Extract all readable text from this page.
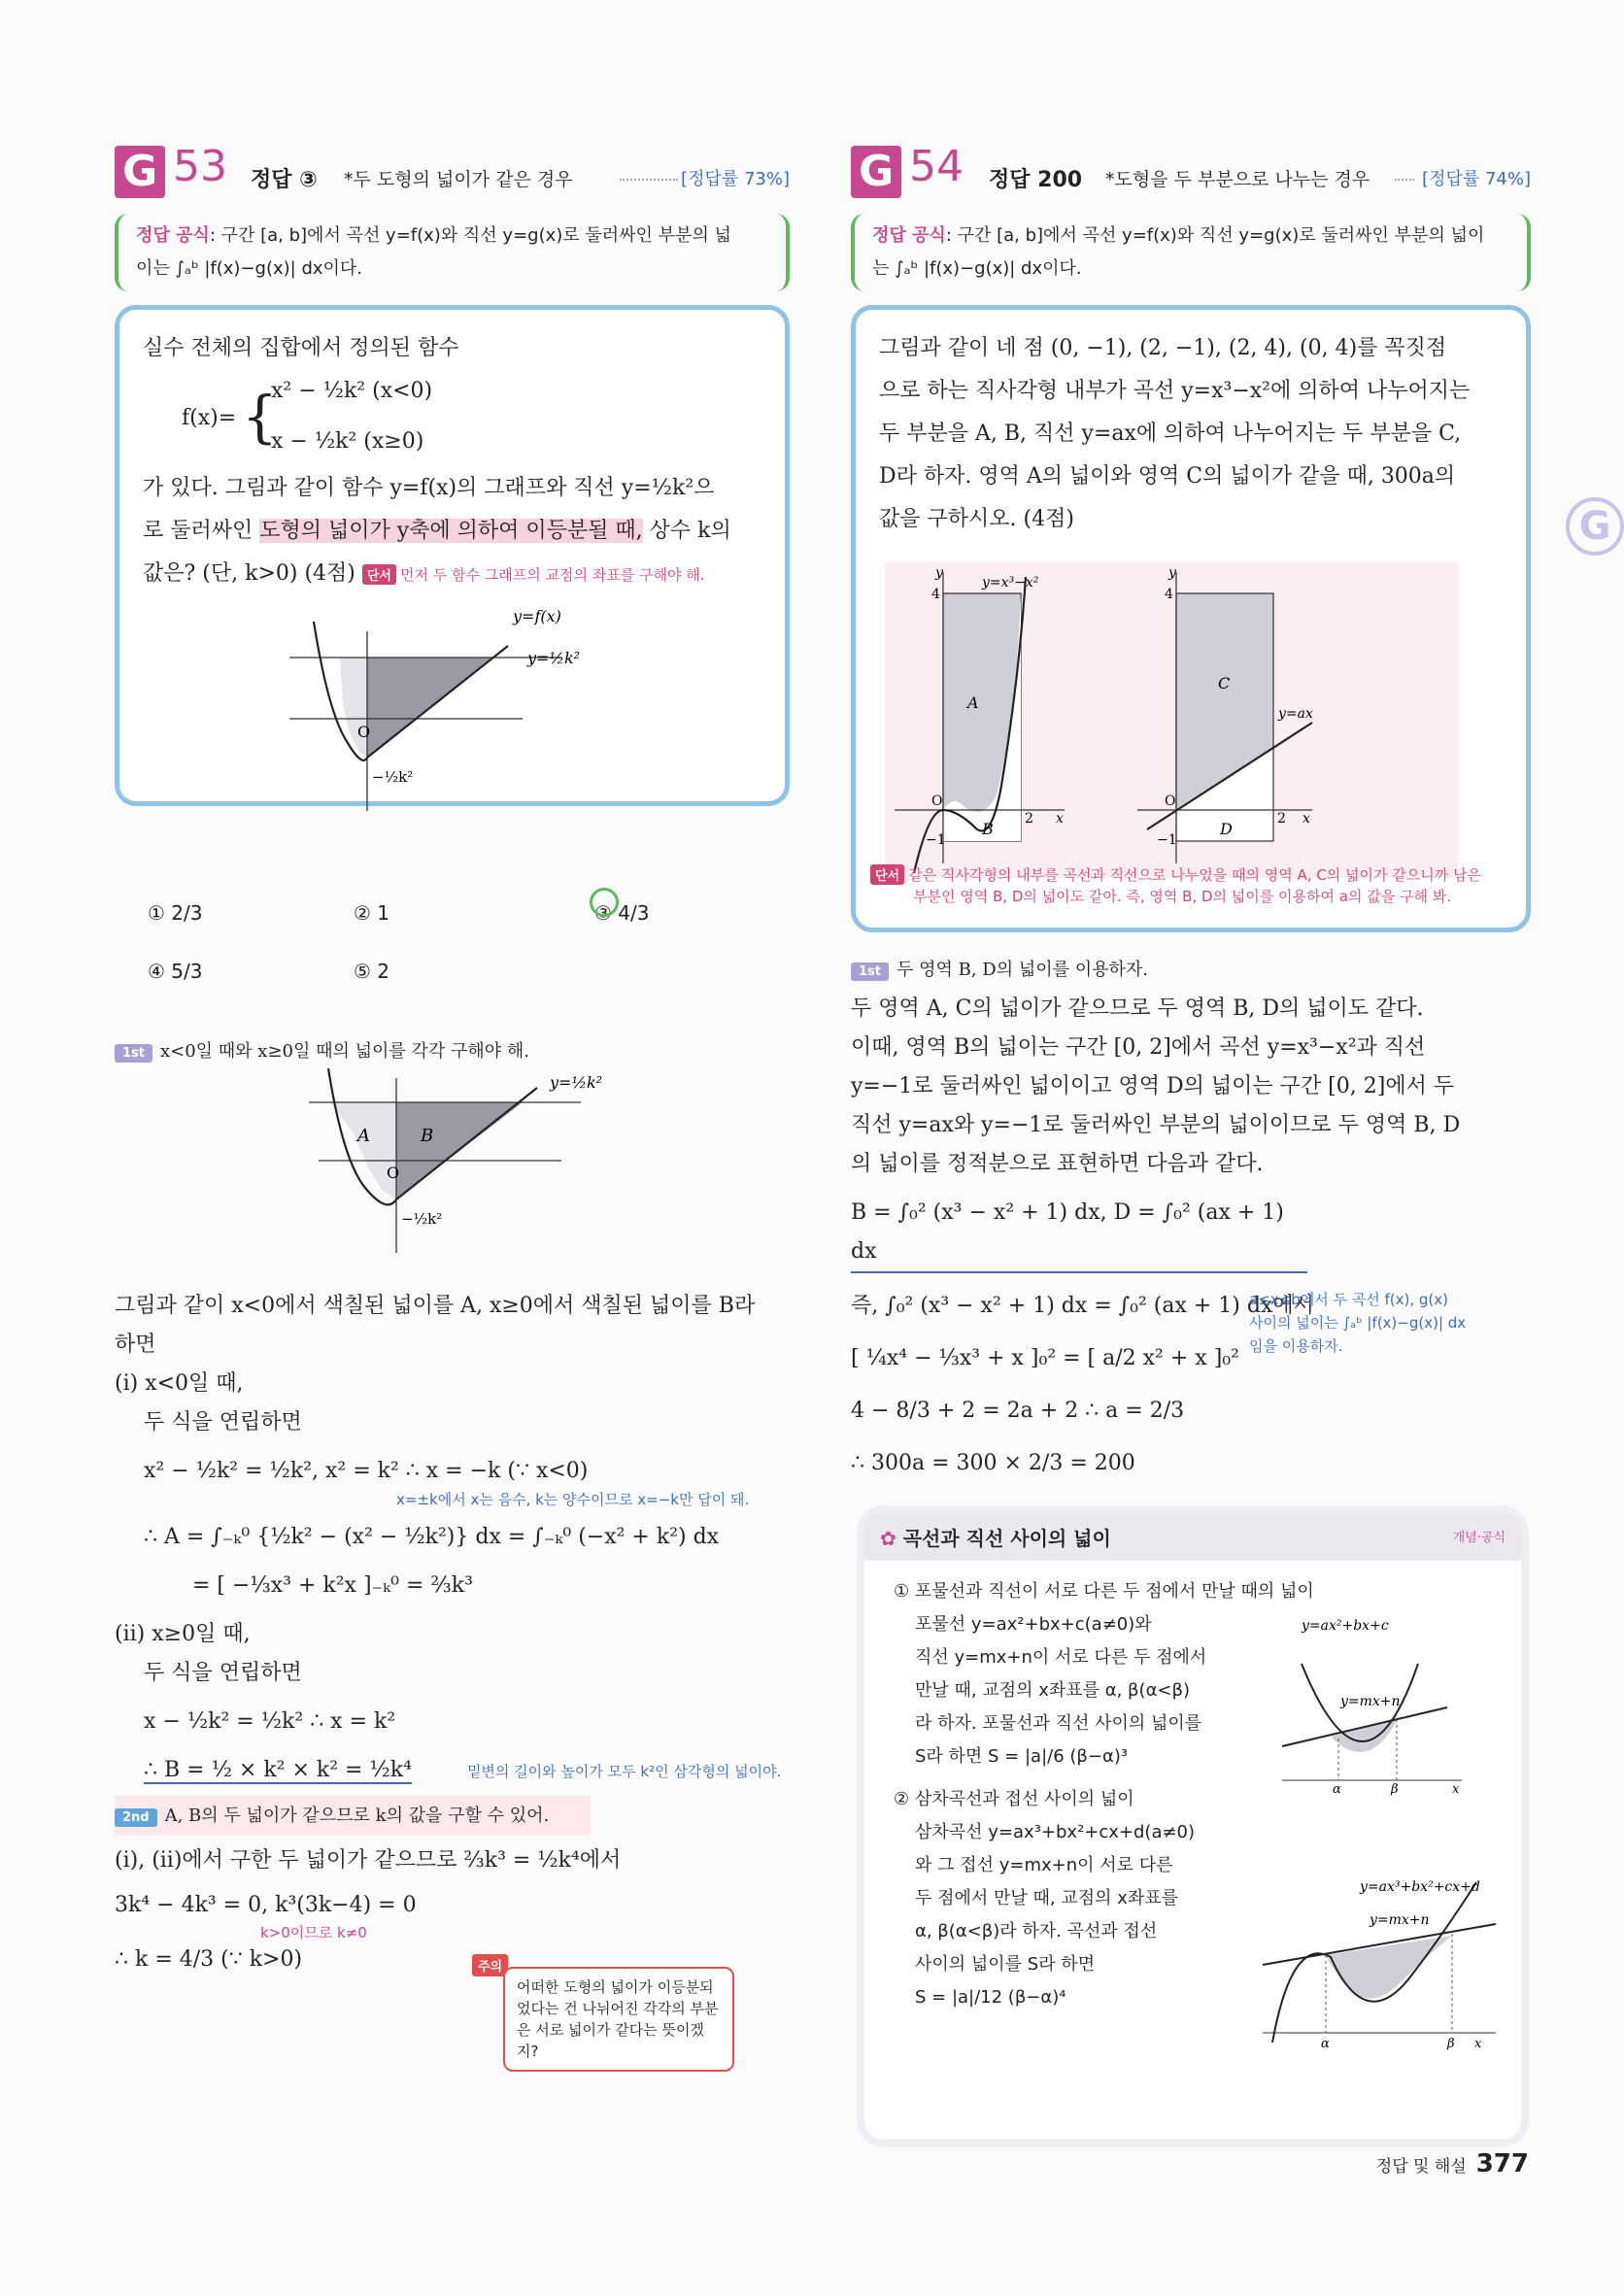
G 53 정답 ③ *두 도형의 넓이가 같은 경우	[정답률 73%]
정답 공식: 구간 [a, b]에서 곡선 y=f(x)와 직선 y=g(x)로 둘러싸인 부분의 넓
이는 ∫ₐᵇ |f(x)−g(x)| dx이다.
실수 전체의 집합에서 정의된 함수
f(x)= {
x² − ½k² (x<0)
x − ½k² (x≥0)
가 있다. 그림과 같이 함수 y=f(x)의 그래프와 직선 y=½k²으
로 둘러싸인 도형의 넓이가 y축에 의하여 이등분될 때, 상수 k의
값은? (단, k>0) (4점) 단서 먼저 두 함수 그래프의 교점의 좌표를 구해야 해.
y=f(x)
y=½k²
O
−½k²
① 2/3	② 1	③ 4/3
④ 5/3	⑤ 2
1st x<0일 때와 x≥0일 때의 넓이를 각각 구해야 해.
A	B
O
−½k²
y=½k²
그림과 같이 x<0에서 색칠된 넓이를 A, x≥0에서 색칠된 넓이를 B라
하면
(i) x<0일 때,
두 식을 연립하면
x² − ½k² = ½k², x² = k² ∴ x = −k (∵ x<0)
x=±k에서 x는 음수, k는 양수이므로 x=−k만 답이 돼.
∴ A = ∫₋ₖ⁰ {½k² − (x² − ½k²)} dx = ∫₋ₖ⁰ (−x² + k²) dx
= [ −⅓x³ + k²x ]₋ₖ⁰ = ⅔k³
(ii) x≥0일 때,
두 식을 연립하면
x − ½k² = ½k² ∴ x = k²
∴ B = ½ × k² × k² = ½k⁴	밑변의 길이와 높이가 모두 k²인 삼각형의 넓이야.
2nd A, B의 두 넓이가 같으므로 k의 값을 구할 수 있어.
(i), (ii)에서 구한 두 넓이가 같으므로 ⅔k³ = ½k⁴에서
3k⁴ − 4k³ = 0, k³(3k−4) = 0
k>0이므로 k≠0
∴ k = 4/3 (∵ k>0)	주의
어떠한 도형의 넓이가 이등분되었다는 건 나뉘어진 각각의 부분은 서로 넓이가 같다는 뜻이겠지?
G 54 정답 200 *도형을 두 부분으로 나누는 경우	[정답률 74%]
정답 공식: 구간 [a, b]에서 곡선 y=f(x)와 직선 y=g(x)로 둘러싸인 부분의 넓이
는 ∫ₐᵇ |f(x)−g(x)| dx이다.
그림과 같이 네 점 (0, −1), (2, −1), (2, 4), (0, 4)를 꼭짓점
으로 하는 직사각형 내부가 곡선 y=x³−x²에 의하여 나누어지는
두 부분을 A, B, 직선 y=ax에 의하여 나누어지는 두 부분을 C,
D라 하자. 영역 A의 넓이와 영역 C의 넓이가 같을 때, 300a의
값을 구하시오. (4점)
y=x³−x²
A
B
O
4
−1
2 x
y
y=ax
C
D
O
4
−1
2 x
y
단서 같은 직사각형의 내부를 곡선과 직선으로 나누었을 때의 영역 A, C의 넓이가 같으니까 남은
부분인 영역 B, D의 넓이도 같아. 즉, 영역 B, D의 넓이를 이용하여 a의 값을 구해 봐.
1st 두 영역 B, D의 넓이를 이용하자.
두 영역 A, C의 넓이가 같으므로 두 영역 B, D의 넓이도 같다.
이때, 영역 B의 넓이는 구간 [0, 2]에서 곡선 y=x³−x²과 직선
y=−1로 둘러싸인 넓이이고 영역 D의 넓이는 구간 [0, 2]에서 두
직선 y=ax와 y=−1로 둘러싸인 부분의 넓이이므로 두 영역 B, D
의 넓이를 정적분으로 표현하면 다음과 같다.
B = ∫₀² (x³ − x² + 1) dx, D = ∫₀² (ax + 1) dx
즉, ∫₀² (x³ − x² + 1) dx = ∫₀² (ax + 1) dx에서
[ ¼x⁴ − ⅓x³ + x ]₀² = [ a/2 x² + x ]₀²
4 − 8/3 + 2 = 2a + 2 ∴ a = 2/3
∴ 300a = 300 × 2/3 = 200
a≤x≤b에서 두 곡선 f(x), g(x)
사이의 넓이는 ∫ₐᵇ |f(x)−g(x)| dx
임을 이용하자.
✿ 곡선과 직선 사이의 넓이	개념·공식
① 포물선과 직선이 서로 다른 두 점에서 만날 때의 넓이
포물선 y=ax²+bx+c(a≠0)와
직선 y=mx+n이 서로 다른 두 점에서
만날 때, 교점의 x좌표를 α, β(α<β)
라 하자. 포물선과 직선 사이의 넓이를
S라 하면 S = |a|/6 (β−α)³
② 삼차곡선과 접선 사이의 넓이
삼차곡선 y=ax³+bx²+cx+d(a≠0)
와 그 접선 y=mx+n이 서로 다른
두 점에서 만날 때, 교점의 x좌표를
α, β(α<β)라 하자. 곡선과 접선
사이의 넓이를 S라 하면
S = |a|/12 (β−α)⁴
y=ax²+bx+c
y=mx+n
α	β	x
y=ax³+bx²+cx+d
y=mx+n
α	β x
G
정답 및 해설 377
